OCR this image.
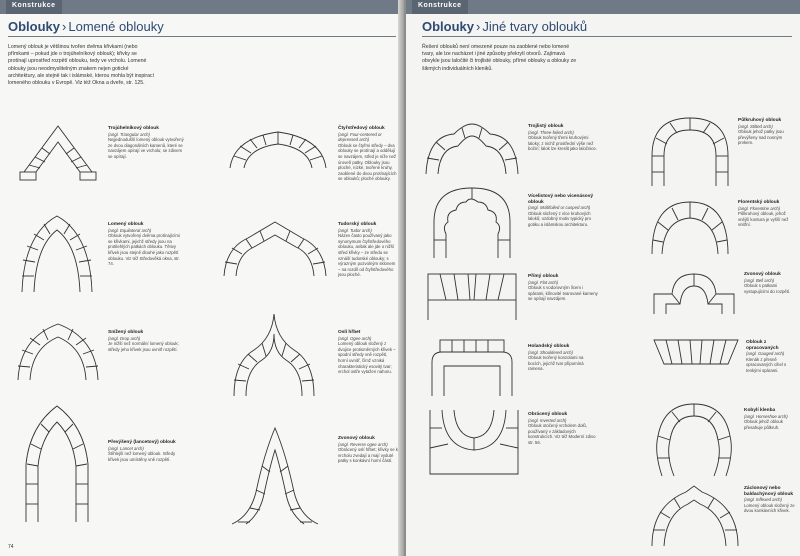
Konstrukce
Oblouky › Lomené oblouky
Lomený oblouk je většinou tvořen dvěma křivkami (nebo přímkami – pokud jde o trojúhelníkový oblouk); křivky se protínají uprostřed rozpětí oblouku, tedy ve vrcholu. Lomené oblouky jsou neodmyslitelným znakem nejen gotické architektury, ale stejně tak i islámské, kterou mohla být inspirací lomeného oblouku v Evropě. Viz též Okna a dveře, str. 125.
Trojúhelníkový oblouk
(angl. Triangular arch)
Nejjednodušší lomený oblouk vytvořený ze dvou diagonálních kamenů, které se navzájem opírají ve vrcholu; se zdivem se opírají.
Čtyřstředový oblouk
(angl. Four-centered or depressed arch)
Oblouk se čtyřmi středy – dva oblouky se protínají a oddělují se navzájem, střed je níže než úroveň patky. Oblouky jsou ploché, nízké, tvořené kruhy, zaoblené do dvou protínajících se oblouků; ploché oblouky.
Lomený oblouk
(angl. Equilateral arch)
Oblouk vytvořený dvěma protínajícími se křivkami, jejichž středy jsou na protilehlých patkách oblouku. Tětivy křivek jsou stejně dlouhé jako rozpětí oblouku. Viz též Středověká okna, str. 74.
Tudorský oblouk
(angl. Tudor arch)
Název často používaný jako synonymum čtyřstředového oblouku, avšak ale jde o nižší střed křivky – ze středu se vznáší tudorské oblouky; s výrazným pozvolným sklonem – na rozdíl od čtyřstředového jsou ploché.
Snížený oblouk
(angl. Drop arch)
Je nižší než normální lomený oblouk; středy jeho křivek jsou uvnitř rozpětí.
Oslí hřbet
(angl. Ogee arch)
Lomený oblouk složený z dvojice protisměrných křivek – spodní středy vně rozpětí, horní uvnitř, čímž vzniká charakteristický esovitý tvar; vrchol ostře vytažen nahoru.
Převýšený (lancetový) oblouk
(angl. Lancet arch)
Štíhlejší než lomený oblouk. Středy křivek jsou umístěny vně rozpětí.
Zvonový oblouk
(angl. Reverse ogee arch)
Obrácený oslí hřbet; křivky se k vrcholu zvedají a mají vyduté patky s konkávní horní částí.
74
Konstrukce
Oblouky › Jiné tvary oblouků
Řešení oblouků není omezené pouze na zaoblené nebo lomené tvary, ale lze nacházet i jiné způsoby překrytí otvorů. Zajímavá obvykle jsou laločité či trojlisté oblouky, přímé oblouky a oblouky ze šikmých individuálních kleniků.
Trojlistý oblouk
(angl. Three-foiled arch)
Oblouk tvořený třemi kruhovými laloky; z nichž prostřední výše než boční; lalok lze kreslit jako laločnice.
Půlkruhový oblouk
(angl. Stilted arch)
Oblouk jehož patky jsou převýšeny nad nosným prvkem.
Vícelistový nebo vicenásový oblouk
(angl. Multifoiled or cusped arch)
Oblouk složený z více kruhových laloků; ozdobný motiv typický pro gotiku a islámskou architekturu.
Florentský oblouk
(angl. Florentine arch)
Půlkruhový oblouk, jehož vnější kontura je vyšší než vnitřní.
Přímý oblouk
(angl. Flat arch)
Oblouk s vodorovným lícem i spárami, klínovité tvarované kameny se opírají navzájem.
Zvonový oblouk
(angl. Bell arch)
Oblouk s patkami vystupujícími do rozpětí.
Holandský oblouk
(angl. Shouldered arch)
Oblouk tvořený konzolami na bocích, jejichž tvar připomíná ramena.
Oblouk z opracovaných
(angl. Gauged arch)
Klenák z přesně opracovaných cihel s tenkými spárami.
Obrácený oblouk
(angl. Inverted arch)
Oblouk otočený vrcholem dolů, používaný v základových konstrukcích. Viz též Moderní zdivo str. 56.
Kobylí klenba
(angl. Horseshoe arch)
Oblouk jehož oblouk přesahuje půlkruh.
Záclonový nebo baldachýnový oblouk
(angl. Inflexed arch)
Lomený oblouk složený ze dvou konkávních křivek.
